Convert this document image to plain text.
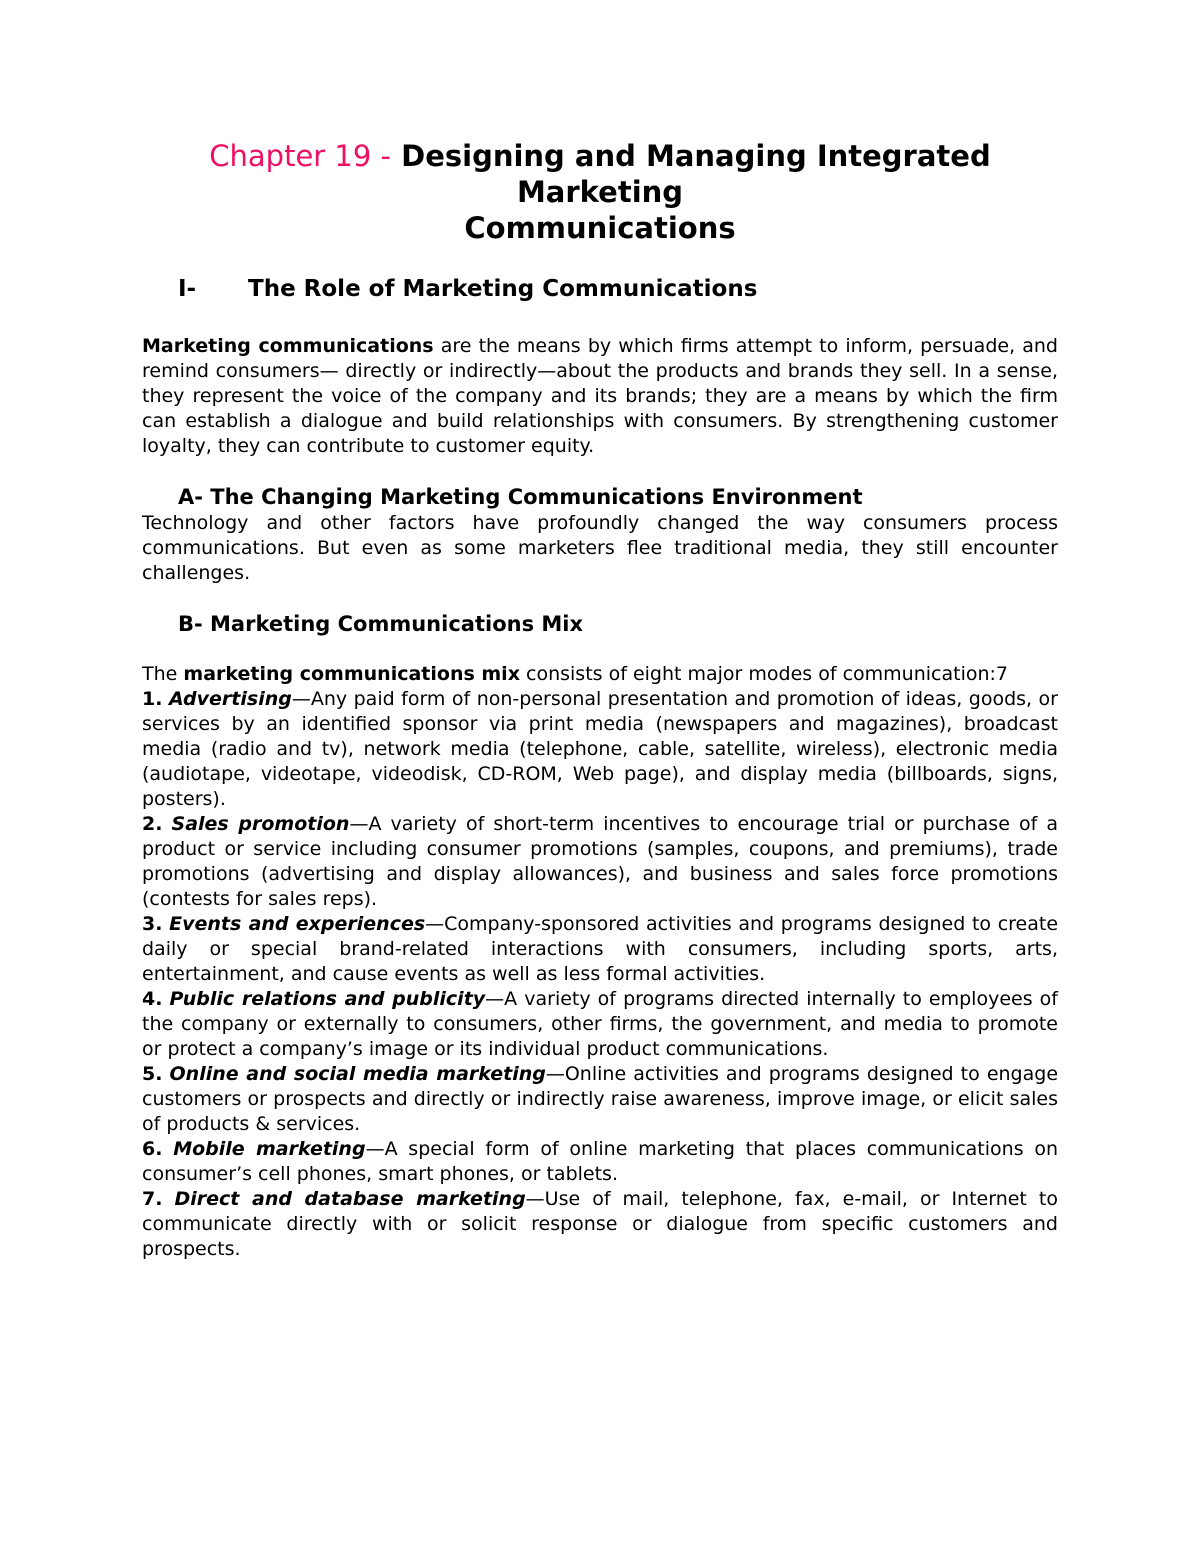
Chapter 19 - Designing and Managing Integrated
Marketing
Communications
I-	The Role of Marketing Communications

Marketing communications are the means by which firms attempt to inform, persuade, and remind consumers— directly or indirectly—about the products and brands they sell. In a sense, they represent the voice of the company and its brands; they are a means by which the firm can establish a dialogue and build relationships with consumers. By strengthening customer loyalty, they can contribute to customer equity.

A- The Changing Marketing Communications Environment

Technology and other factors have profoundly changed the way consumers process communications. But even as some marketers flee traditional media, they still encounter challenges.

B- Marketing Communications Mix

The marketing communications mix consists of eight major modes of communication:7

1. Advertising—Any paid form of non-personal presentation and promotion of ideas, goods, or services by an identified sponsor via print media (newspapers and magazines), broadcast media (radio and tv), network media (telephone, cable, satellite, wireless), electronic media (audiotape, videotape, videodisk, CD-ROM, Web page), and display media (billboards, signs, posters).
2. Sales promotion—A variety of short-term incentives to encourage trial or purchase of a product or service including consumer promotions (samples, coupons, and premiums), trade promotions (advertising and display allowances), and business and sales force promotions (contests for sales reps).
3. Events and experiences—Company-sponsored activities and programs designed to create daily or special brand-related interactions with consumers, including sports, arts, entertainment, and cause events as well as less formal activities.
4. Public relations and publicity—A variety of programs directed internally to employees of the company or externally to consumers, other firms, the government, and media to promote or protect a company’s image or its individual product communications.
5. Online and social media marketing—Online activities and programs designed to engage customers or prospects and directly or indirectly raise awareness, improve image, or elicit sales of products & services.
6. Mobile marketing—A special form of online marketing that places communications on consumer’s cell phones, smart phones, or tablets.
7. Direct and database marketing—Use of mail, telephone, fax, e-mail, or Internet to communicate directly with or solicit response or dialogue from specific customers and prospects.
